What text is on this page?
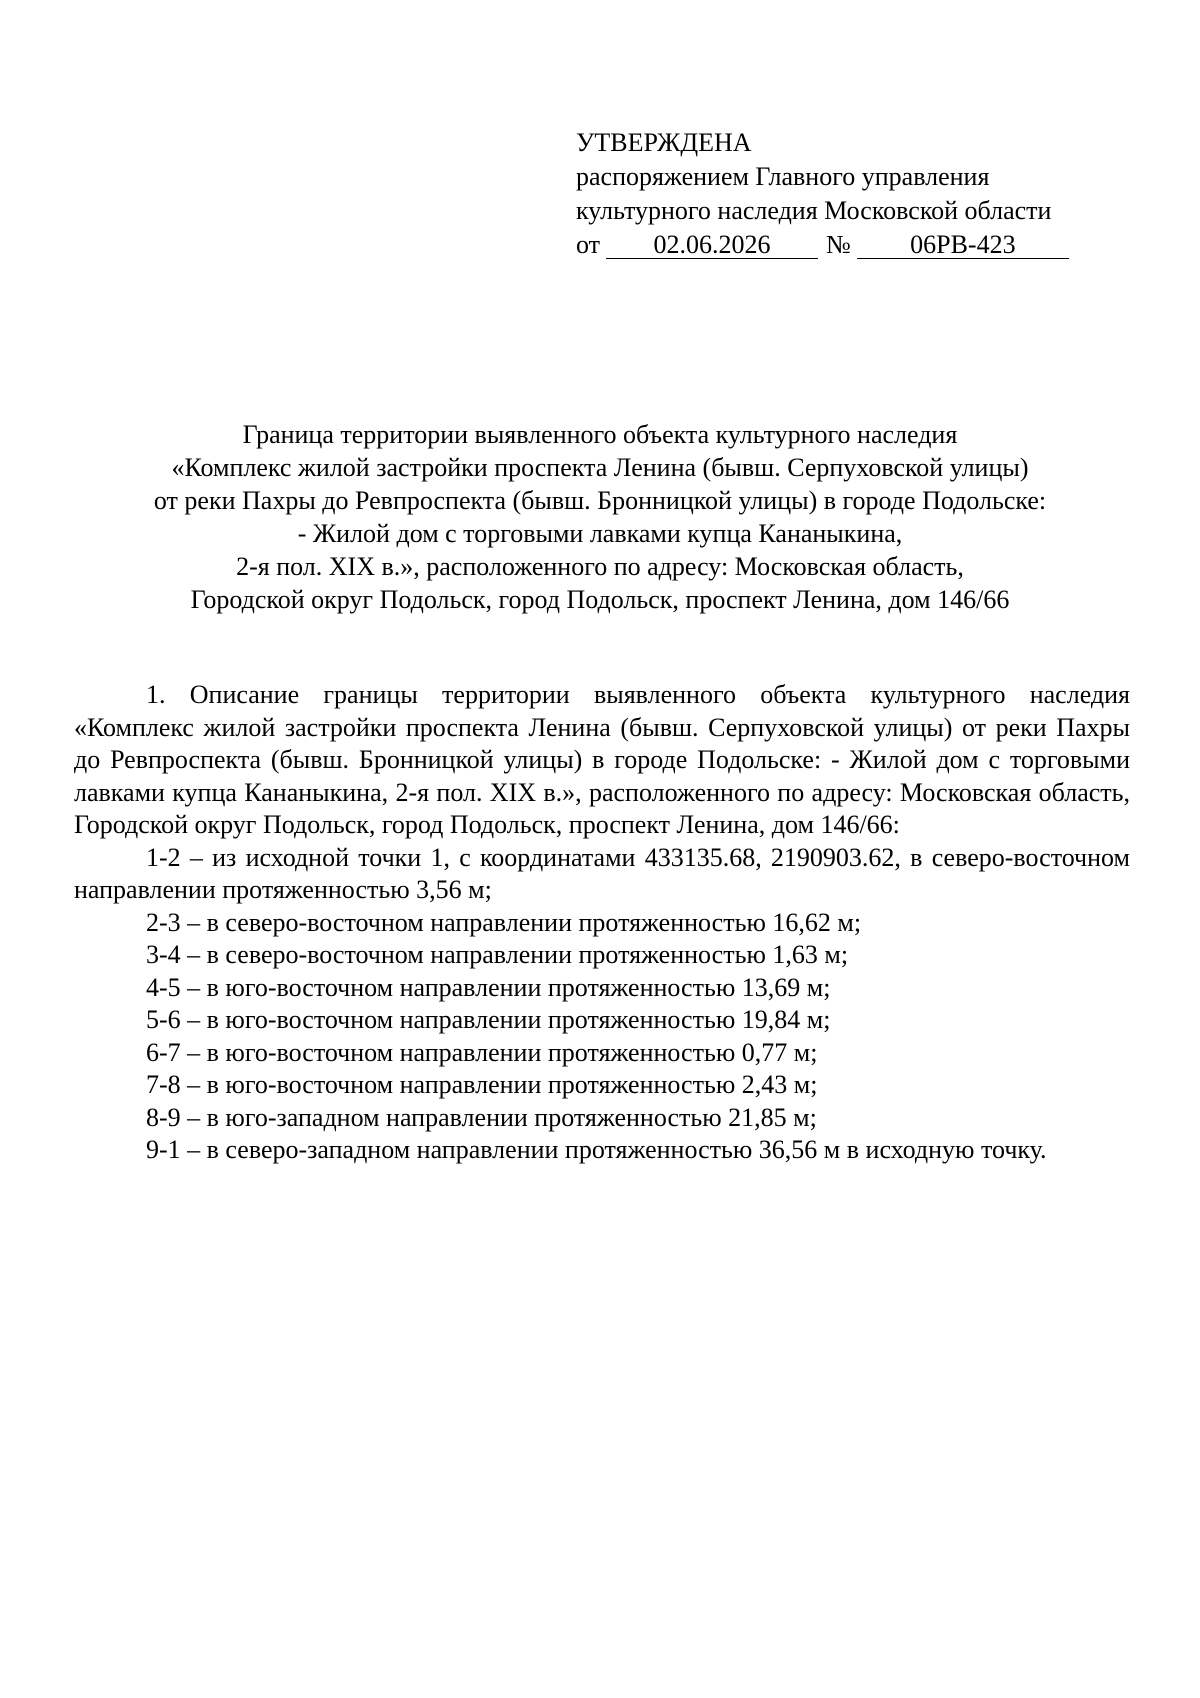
УТВЕРЖДЕНА
распоряжением Главного управления
культурного наследия Московской области
от	02.06.2026	№	06РВ-423
Граница территории выявленного объекта культурного наследия
«Комплекс жилой застройки проспекта Ленина (бывш. Серпуховской улицы)
от реки Пахры до Ревпроспекта (бывш. Бронницкой улицы) в городе Подольске:
- Жилой дом с торговыми лавками купца Кананыкина,
2-я пол. XIX в.», расположенного по адресу: Московская область,
Городской округ Подольск, город Подольск, проспект Ленина, дом 146/66

1. Описание границы территории выявленного объекта культурного наследия «Комплекс жилой застройки проспекта Ленина (бывш. Серпуховской улицы) от реки Пахры до Ревпроспекта (бывш. Бронницкой улицы) в городе Подольске: - Жилой дом с торговыми лавками купца Кананыкина, 2-я пол. XIX в.», расположенного по адресу: Московская область, Городской округ Подольск, город Подольск, проспект Ленина, дом 146/66:

1-2 – из исходной точки 1, с координатами 433135.68, 2190903.62, в северо-восточном направлении протяженностью 3,56 м;

2-3 – в северо-восточном направлении протяженностью 16,62 м;

3-4 – в северо-восточном направлении протяженностью 1,63 м;

4-5 – в юго-восточном направлении протяженностью 13,69 м;

5-6 – в юго-восточном направлении протяженностью 19,84 м;

6-7 – в юго-восточном направлении протяженностью 0,77 м;

7-8 – в юго-восточном направлении протяженностью 2,43 м;

8-9 – в юго-западном направлении протяженностью 21,85 м;

9-1 – в северо-западном направлении протяженностью 36,56 м в исходную точку.
